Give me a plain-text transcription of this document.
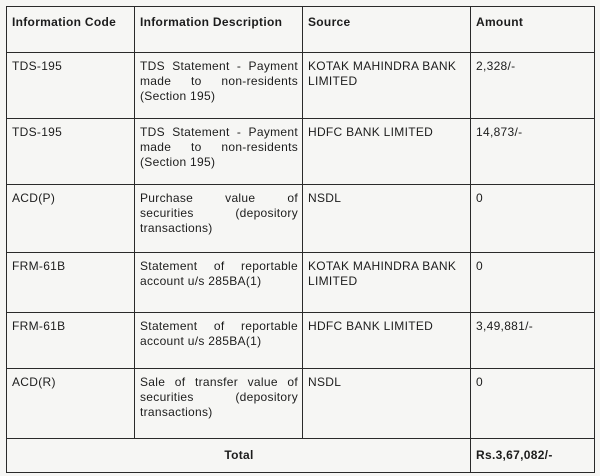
Information Code	Information Description	Source	Amount
TDS-195	TDS Statement - Payment made to non-residents (Section 195)	KOTAK MAHINDRA BANK LIMITED	2,328/-
TDS-195	TDS Statement - Payment made to non-residents (Section 195)	HDFC BANK LIMITED	14,873/-
ACD(P)	Purchase value of securities (depository transactions)	NSDL	0
FRM-61B	Statement of reportable account u/s 285BA(1)	KOTAK MAHINDRA BANK LIMITED	0
FRM-61B	Statement of reportable account u/s 285BA(1)	HDFC BANK LIMITED	3,49,881/-
ACD(R)	Sale of transfer value of securities (depository transactions)	NSDL	0
Total			Rs.3,67,082/-
